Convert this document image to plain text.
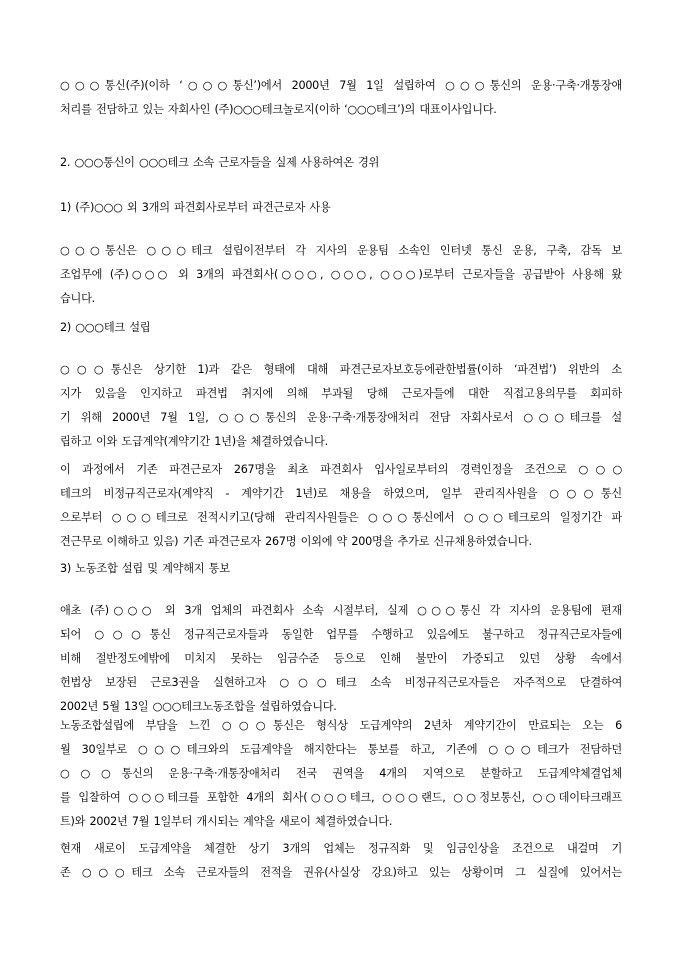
○○○통신(주)(이하 ‘○○○통신’)에서 2000년 7월 1일 설립하여 ○○○통신의 운용·구축·개통장애
처리를 전담하고 있는 자회사인 (주)○○○테크놀로지(이하 ‘○○○테크’)의 대표이사입니다.
2. ○○○통신이 ○○○테크 소속 근로자들을 실제 사용하여온 경위
1) (주)○○○ 외 3개의 파견회사로부터 파견근로자 사용
○○○통신은 ○○○테크 설립이전부터 각 지사의 운용팀 소속인 인터넷 통신 운용, 구축, 감독 보
조업무에 (주)○○○ 외 3개의 파견회사(○○○, ○○○, ○○○)로부터 근로자들을 공급받아 사용해 왔
습니다.
2) ○○○테크 설립
○○○통신은 상기한 1)과 같은 형태에 대해 파견근로자보호등에관한법률(이하 ‘파견법’) 위반의 소
지가 있음을 인지하고 파견법 취지에 의해 부과될 당해 근로자들에 대한 직접고용의무를 회피하
기 위해 2000년 7월 1일, ○○○통신의 운용·구축·개통장애처리 전담 자회사로서 ○○○테크를 설
립하고 이와 도급계약(계약기간 1년)을 체결하였습니다.
이 과정에서 기존 파견근로자 267명을 최초 파견회사 입사일로부터의 경력인정을 조건으로 ○○○
테크의 비정규직근로자(계약직 - 계약기간 1년)로 채용을 하였으며, 일부 관리직사원을 ○○○통신
으로부터 ○○○테크로 전적시키고(당해 관리직사원들은 ○○○통신에서 ○○○테크로의 일정기간 파
견근무로 이해하고 있음) 기존 파견근로자 267명 이외에 약 200명을 추가로 신규채용하였습니다.
3) 노동조합 설립 및 계약해지 통보
애초 (주)○○○ 외 3개 업체의 파견회사 소속 시절부터, 실제 ○○○통신 각 지사의 운용팀에 편재
되어 ○○○통신 정규직근로자들과 동일한 업무를 수행하고 있음에도 불구하고 정규직근로자들에
비해 절반정도에밖에 미치지 못하는 임금수준 등으로 인해 불만이 가중되고 있던 상황 속에서
헌법상 보장된 근로3권을 실현하고자 ○○○테크 소속 비정규직근로자들은 자주적으로 단결하여
2002년 5월 13일 ○○○테크노동조합을 설립하였습니다.
노동조합설립에 부담을 느낀 ○○○통신은 형식상 도급계약의 2년차 계약기간이 만료되는 오는 6
월 30일부로 ○○○테크와의 도급계약을 해지한다는 통보를 하고, 기존에 ○○○테크가 전담하던
○○○통신의 운용·구축·개통장애처리 전국 권역을 4개의 지역으로 분할하고 도급계약체결업체
를 입찰하여 ○○○테크를 포함한 4개의 회사(○○○테크, ○○○랜드, ○○정보통신, ○○데이타크래프
트)와 2002년 7월 1일부터 개시되는 계약을 새로이 체결하였습니다.
현재 새로이 도급계약을 체결한 상기 3개의 업체는 정규직화 및 임금인상을 조건으로 내걸며 기
존 ○○○테크 소속 근로자들의 전적을 권유(사실상 강요)하고 있는 상황이며 그 실질에 있어서는
